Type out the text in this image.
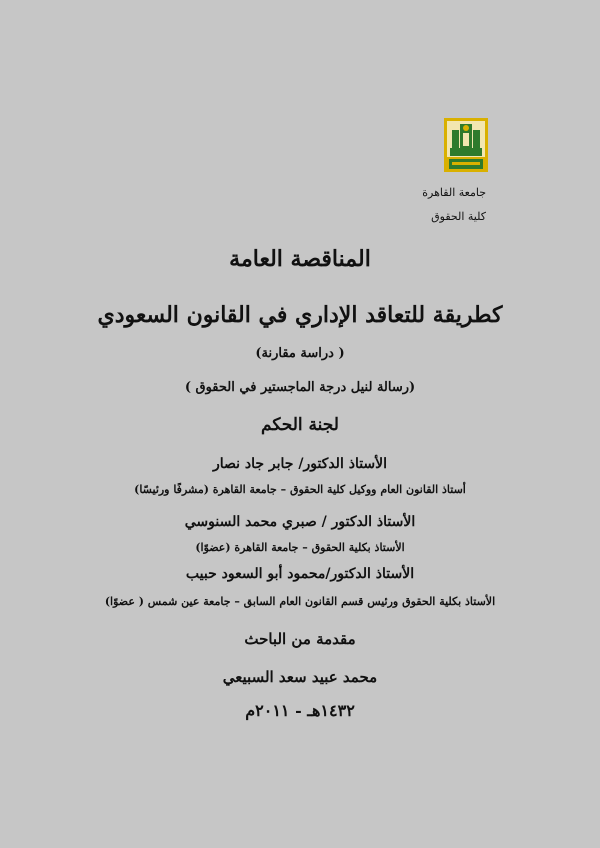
جامعة القاهرة
كلية الحقوق
المناقصة العامة
كطريقة للتعاقد الإداري في القانون السعودي
( دراسة مقارنة)
(رسالة لنيل درجة الماجستير في الحقوق )
لجنة الحكم
الأستاذ الدكتور/ جابر جاد نصار
أستاذ القانون العام ووكيل كلية الحقوق – جامعة القاهرة (مشرفًا ورئيسًا)
الأستاذ الدكتور / صبري محمد السنوسي
الأستاذ بكلية الحقوق – جامعة القاهرة (عضوًا)
الأستاذ الدكتور/محمود أبو السعود حبيب
الأستاذ بكلية الحقوق ورئيس قسم القانون العام السابق – جامعة عين شمس ( عضوًا)
مقدمة من الباحث
محمد عبيد سعد السبيعي
١٤٣٢هـ - ٢٠١١م
